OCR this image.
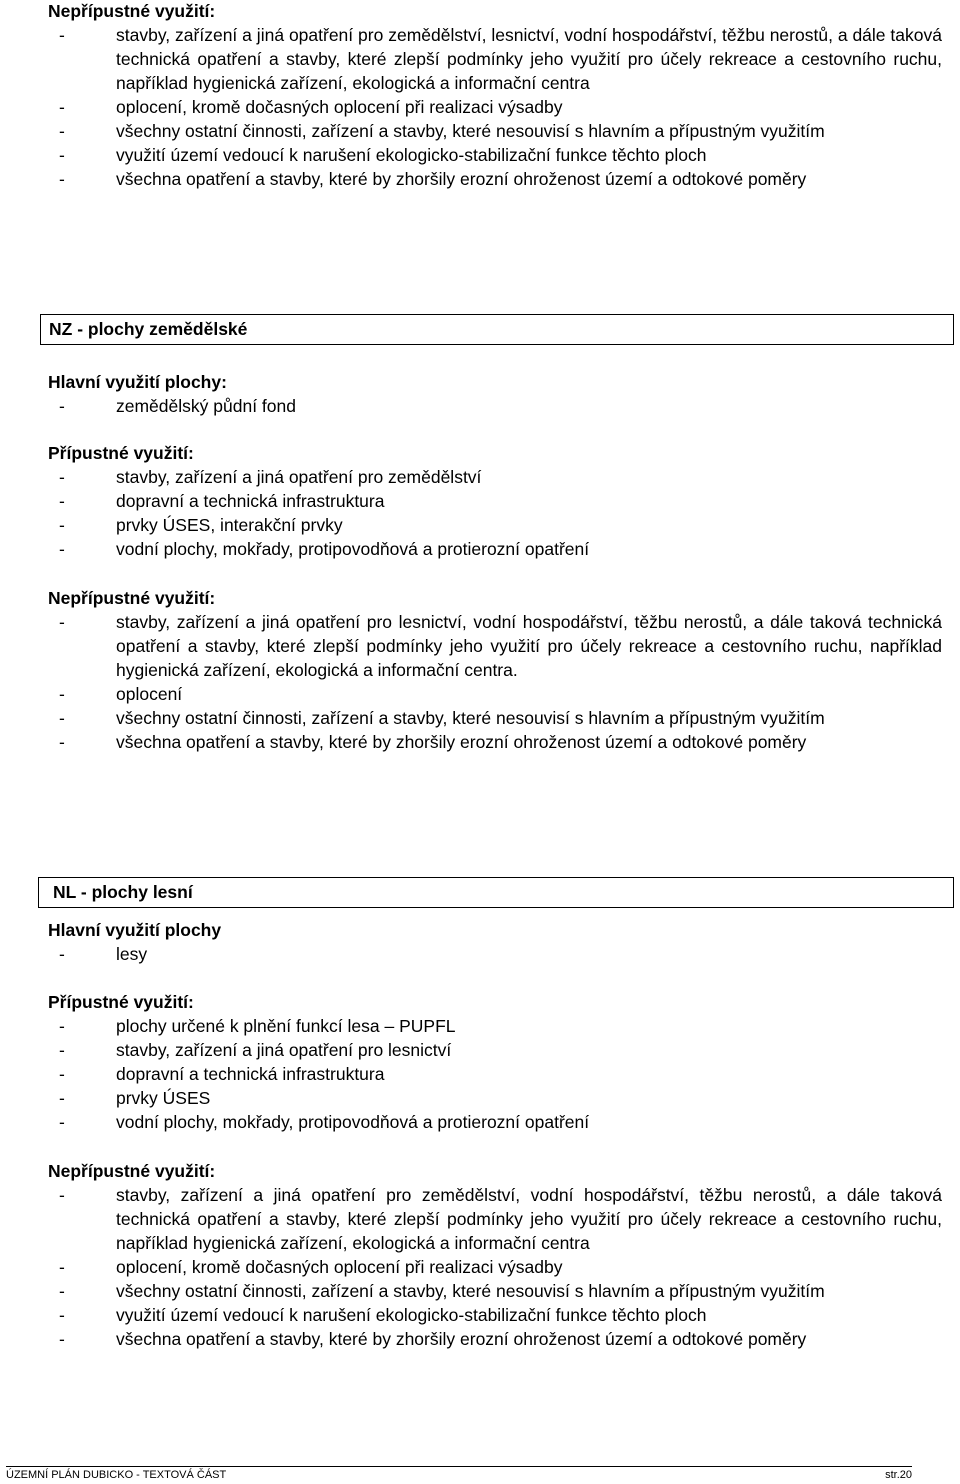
Nepřípustné využití:

- stavby, zařízení a jiná opatření pro zemědělství, lesnictví, vodní hospodářství, těžbu nerostů, a dále taková technická opatření a stavby, které zlepší podmínky jeho využití pro účely rekreace a cestovního ruchu, například hygienická zařízení, ekologická a informační centra
- oplocení, kromě dočasných oplocení při realizaci výsadby
- všechny ostatní činnosti, zařízení a stavby, které nesouvisí s hlavním a přípustným využitím
- využití území vedoucí k narušení ekologicko-stabilizační funkce těchto ploch
- všechna opatření a stavby, které by zhoršily erozní ohroženost území a odtokové poměry
NZ - plochy zemědělské

Hlavní využití plochy:

- zemědělský půdní fond

Přípustné využití:

- stavby, zařízení a jiná opatření pro zemědělství
- dopravní a technická infrastruktura
- prvky ÚSES, interakční prvky
- vodní plochy, mokřady, protipovodňová a protierozní opatření

Nepřípustné využití:

- stavby, zařízení a jiná opatření pro lesnictví, vodní hospodářství, těžbu nerostů, a dále taková technická opatření a stavby, které zlepší podmínky jeho využití pro účely rekreace a cestovního ruchu, například hygienická zařízení, ekologická a informační centra.
- oplocení
- všechny ostatní činnosti, zařízení a stavby, které nesouvisí s hlavním a přípustným využitím
- všechna opatření a stavby, které by zhoršily erozní ohroženost území a odtokové poměry
NL - plochy lesní

Hlavní využití plochy

- lesy

Přípustné využití:

- plochy určené k plnění funkcí lesa – PUPFL
- stavby, zařízení a jiná opatření pro lesnictví
- dopravní a technická infrastruktura
- prvky ÚSES
- vodní plochy, mokřady, protipovodňová a protierozní opatření

Nepřípustné využití:

- stavby, zařízení a jiná opatření pro zemědělství, vodní hospodářství, těžbu nerostů, a dále taková technická opatření a stavby, které zlepší podmínky jeho využití pro účely rekreace a cestovního ruchu, například hygienická zařízení, ekologická a informační centra
- oplocení, kromě dočasných oplocení při realizaci výsadby
- všechny ostatní činnosti, zařízení a stavby, které nesouvisí s hlavním a přípustným využitím
- využití území vedoucí k narušení ekologicko-stabilizační funkce těchto ploch
- všechna opatření a stavby, které by zhoršily erozní ohroženost území a odtokové poměry
ÚZEMNÍ PLÁN DUBICKO - TEXTOVÁ ČÁST	str.20
